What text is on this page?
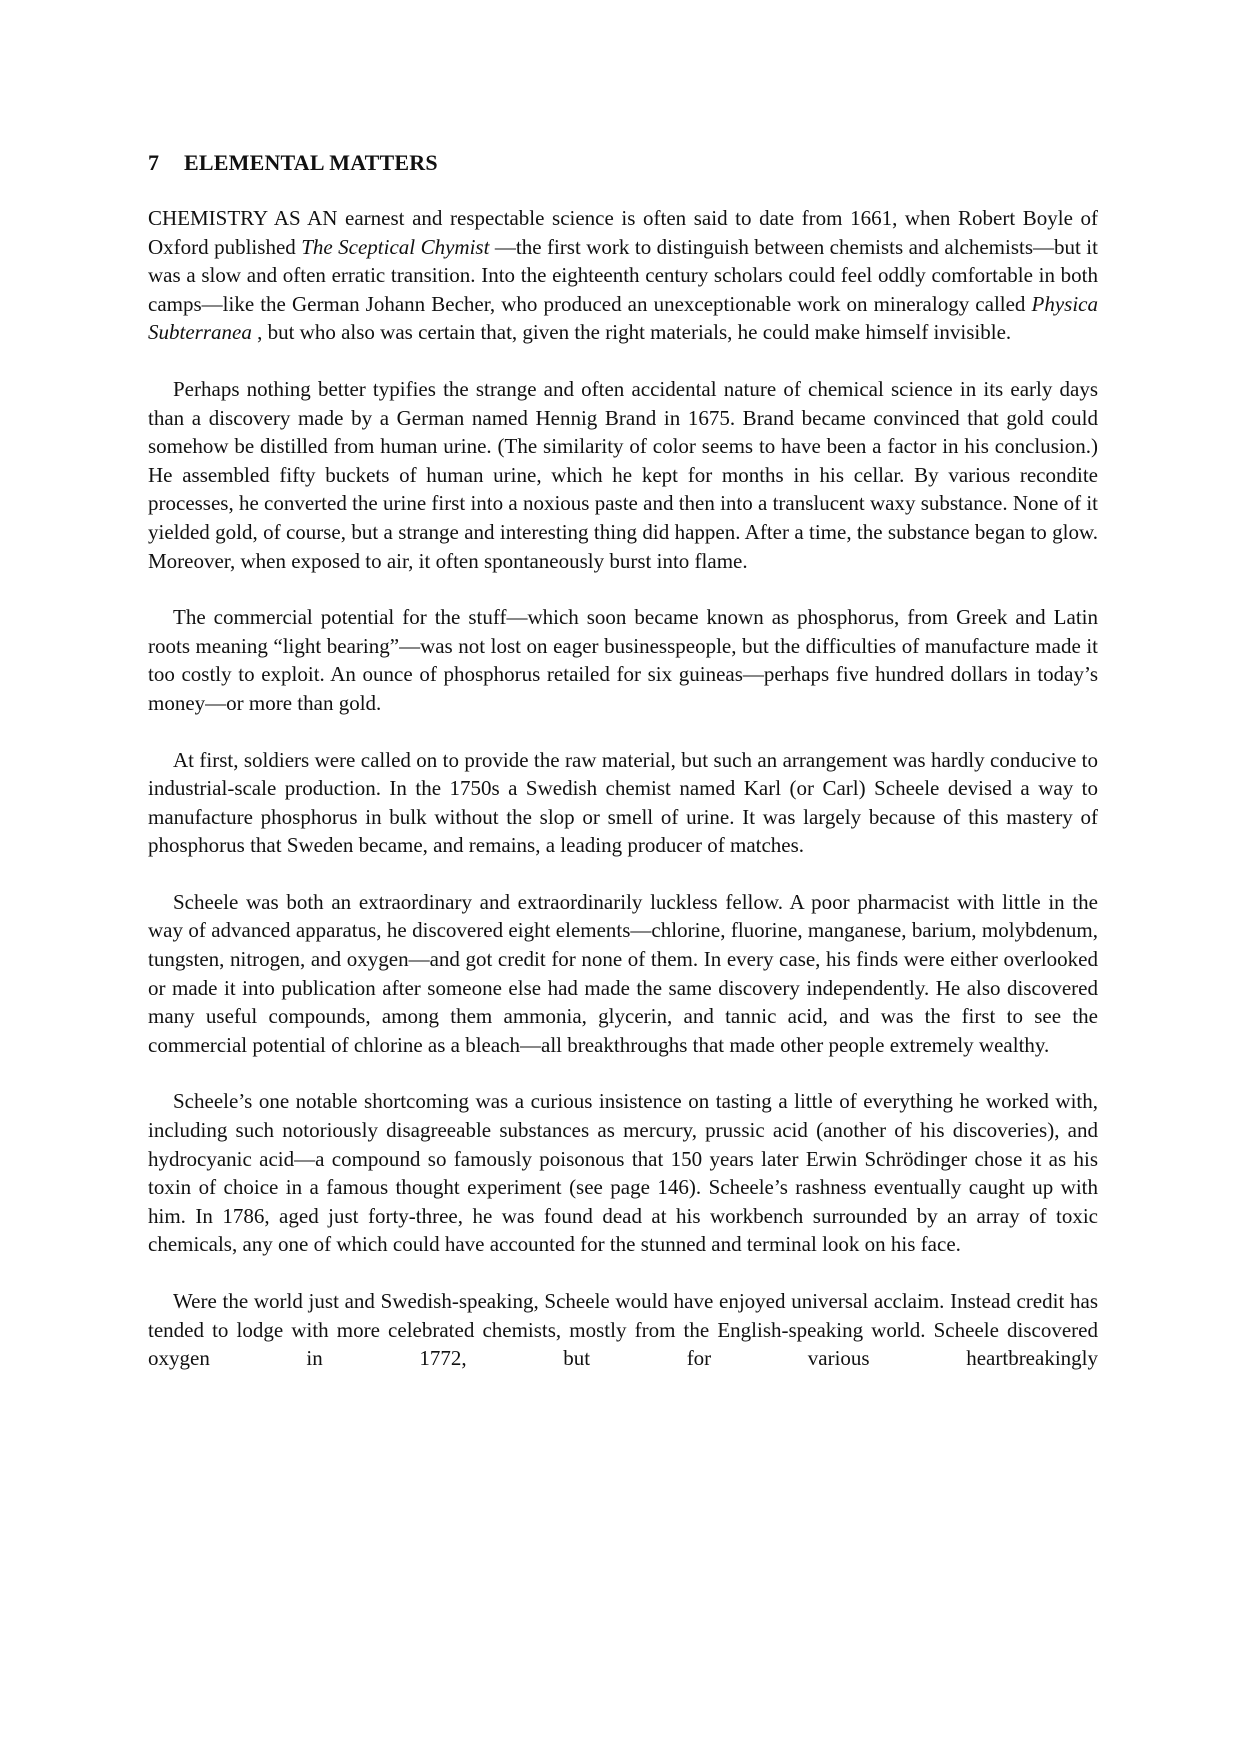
7 ELEMENTAL MATTERS

CHEMISTRY AS AN earnest and respectable science is often said to date from 1661, when Robert Boyle of Oxford published The Sceptical Chymist —the first work to distinguish between chemists and alchemists—but it was a slow and often erratic transition. Into the eighteenth century scholars could feel oddly comfortable in both camps—like the German Johann Becher, who produced an unexceptionable work on mineralogy called Physica Subterranea , but who also was certain that, given the right materials, he could make himself invisible.

Perhaps nothing better typifies the strange and often accidental nature of chemical science in its early days than a discovery made by a German named Hennig Brand in 1675. Brand became convinced that gold could somehow be distilled from human urine. (The similarity of color seems to have been a factor in his conclusion.) He assembled fifty buckets of human urine, which he kept for months in his cellar. By various recondite processes, he converted the urine first into a noxious paste and then into a translucent waxy substance. None of it yielded gold, of course, but a strange and interesting thing did happen. After a time, the substance began to glow. Moreover, when exposed to air, it often spontaneously burst into flame.

The commercial potential for the stuff—which soon became known as phosphorus, from Greek and Latin roots meaning “light bearing”—was not lost on eager businesspeople, but the difficulties of manufacture made it too costly to exploit. An ounce of phosphorus retailed for six guineas—perhaps five hundred dollars in today’s money—or more than gold.

At first, soldiers were called on to provide the raw material, but such an arrangement was hardly conducive to industrial-scale production. In the 1750s a Swedish chemist named Karl (or Carl) Scheele devised a way to manufacture phosphorus in bulk without the slop or smell of urine. It was largely because of this mastery of phosphorus that Sweden became, and remains, a leading producer of matches.

Scheele was both an extraordinary and extraordinarily luckless fellow. A poor pharmacist with little in the way of advanced apparatus, he discovered eight elements—chlorine, fluorine, manganese, barium, molybdenum, tungsten, nitrogen, and oxygen—and got credit for none of them. In every case, his finds were either overlooked or made it into publication after someone else had made the same discovery independently. He also discovered many useful compounds, among them ammonia, glycerin, and tannic acid, and was the first to see the commercial potential of chlorine as a bleach—all breakthroughs that made other people extremely wealthy.

Scheele’s one notable shortcoming was a curious insistence on tasting a little of everything he worked with, including such notoriously disagreeable substances as mercury, prussic acid (another of his discoveries), and hydrocyanic acid—a compound so famously poisonous that 150 years later Erwin Schrödinger chose it as his toxin of choice in a famous thought experiment (see page 146). Scheele’s rashness eventually caught up with him. In 1786, aged just forty-three, he was found dead at his workbench surrounded by an array of toxic chemicals, any one of which could have accounted for the stunned and terminal look on his face.

Were the world just and Swedish-speaking, Scheele would have enjoyed universal acclaim. Instead credit has tended to lodge with more celebrated chemists, mostly from the English-speaking world. Scheele discovered oxygen in 1772, but for various heartbreakingly
